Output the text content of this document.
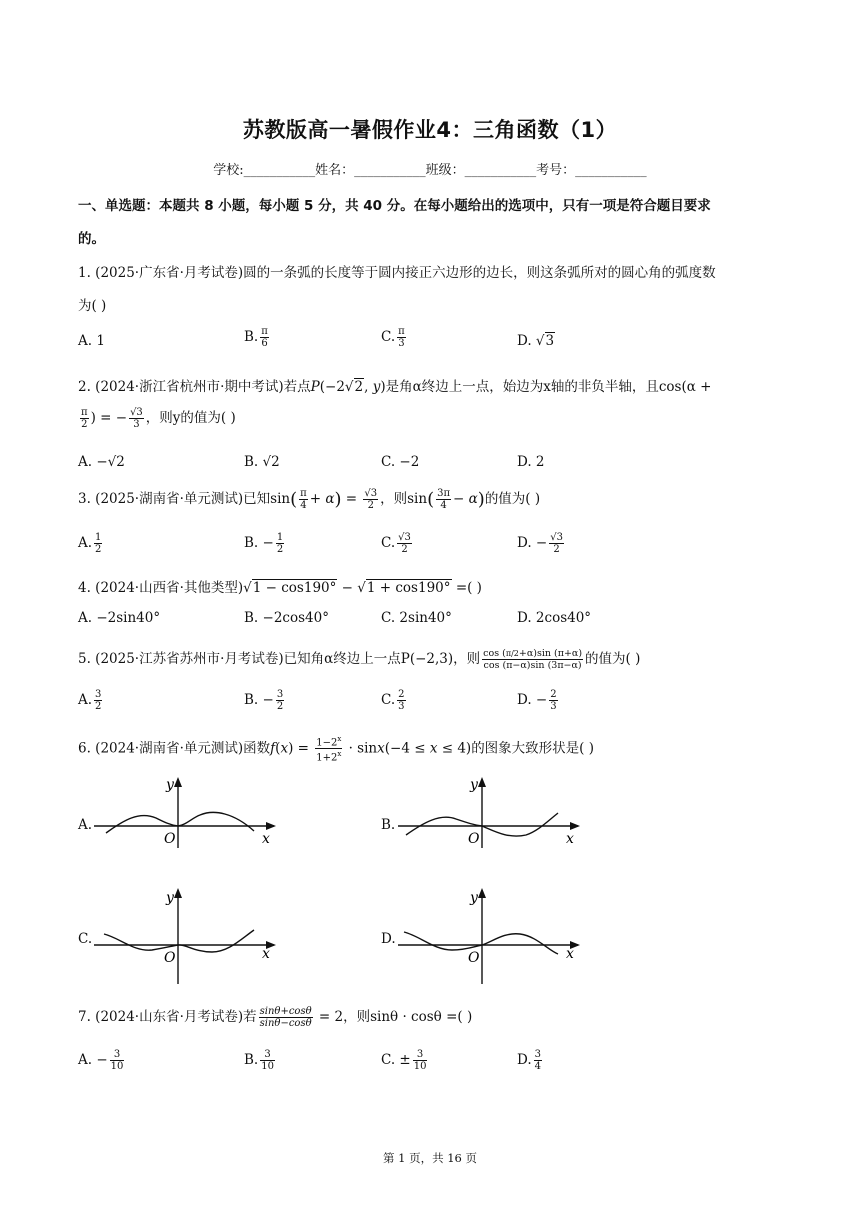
苏教版高一暑假作业4：三角函数（1）
学校:___________姓名：___________班级：___________考号：___________
一、单选题：本题共 8 小题，每小题 5 分，共 40 分。在每小题给出的选项中，只有一项是符合题目要求
的。
1. (2025·广东省·月考试卷)圆的一条弧的长度等于圆内接正六边形的边长，则这条弧所对的圆心角的弧度数
为( )
A. 1	B. $\frac{\pi}{6}$	C. $\frac{\pi}{3}$	D. √3
2. (2024·浙江省杭州市·期中考试)若点P(−2√2, y)是角α终边上一点，始边为x轴的非负半轴，且cos(α +
$\frac{\pi}{2}$ ) = − $\frac{√3}{3}$ ，则y的值为( )
A. −√2	B. √2	C. −2	D. 2
3. (2025·湖南省·单元测试)已知$\sin( \frac{\pi}{4} + \alpha) = \frac{√3}{2}$ ，则$\sin( \frac{3\pi}{4} - \alpha)$的值为( )
A. $\frac{1}{2}$	B. − $\frac{1}{2}$	C. $\frac{√3}{2}$	D. − $\frac{√3}{2}$
4. (2024·山西省·其他类型)√1 − cos190° − √1 + cos190° =( )
A. −2sin40°	B. −2cos40°	C. 2sin40°	D. 2cos40°
5. (2025·江苏省苏州市·月考试卷)已知角α终边上一点P(−2,3)，则 $\frac{\cos (\pi/2+\alpha)\sin (\pi+\alpha)}{\cos (\pi-\alpha)\sin (3\pi-\alpha)}$ 的值为( )
A. $\frac{3}{2}$	B. − $\frac{3}{2}$	C. $\frac{2}{3}$	D. − $\frac{2}{3}$
6. (2024·湖南省·单元测试)函数$f(x) = \frac{1-2^x}{1+2^x} \cdot \sin x(-4 \le x \le 4)$的图象大致形状是( )
A.
y
O	x
B.
y
O	x
C.
y
O	x
D.
y
O	x
7. (2024·山东省·月考试卷)若 $\frac{\sin\theta+\cos\theta}{\sin\theta-\cos\theta} = 2$，则sinθ · cosθ =( )
A. − $\frac{3}{10}$	B. $\frac{3}{10}$	C. ± $\frac{3}{10}$	D. $\frac{3}{4}$
第 1 页，共 16 页
